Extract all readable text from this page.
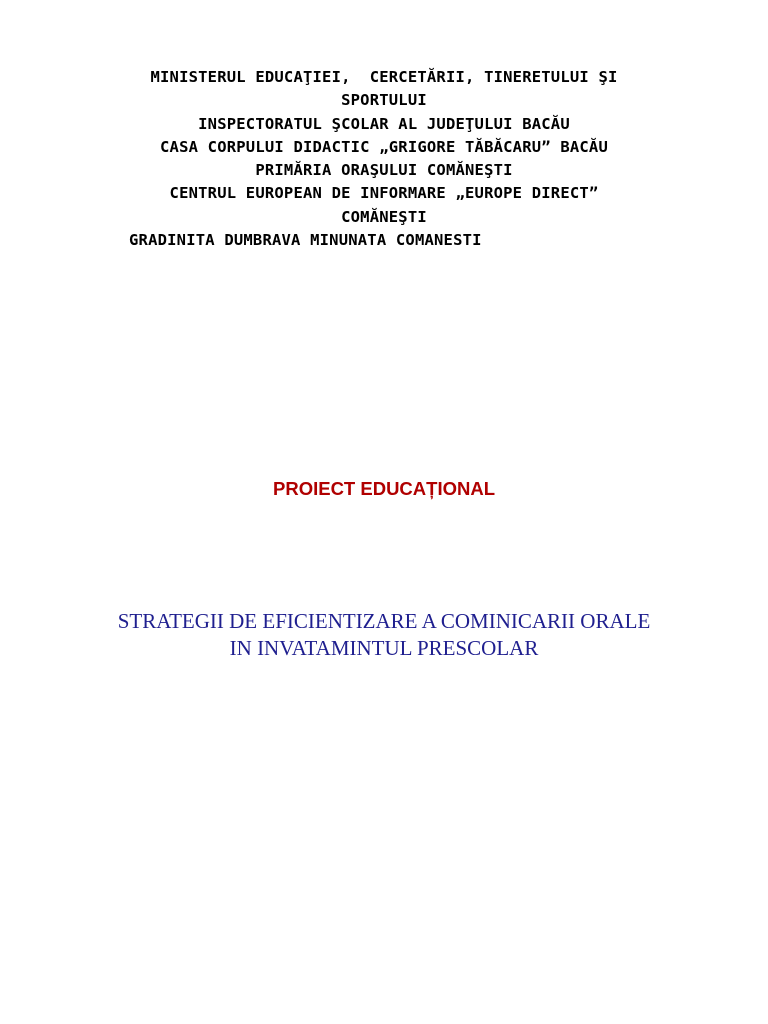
MINISTERUL EDUCAŢIEI,  CERCETĂRII, TINERETULUI ŞI
SPORTULUI
INSPECTORATUL ŞCOLAR AL JUDEŢULUI BACĂU
CASA CORPULUI DIDACTIC „GRIGORE TĂBĂCARU” BACĂU
PRIMĂRIA ORAŞULUI COMĂNEŞTI
CENTRUL EUROPEAN DE INFORMARE „EUROPE DIRECT”
COMĂNEŞTI
GRADINITA DUMBRAVA MINUNATA COMANESTI
PROIECT EDUCAȚIONAL
STRATEGII DE EFICIENTIZARE A COMINICARII ORALE
IN INVATAMINTUL PRESCOLAR
